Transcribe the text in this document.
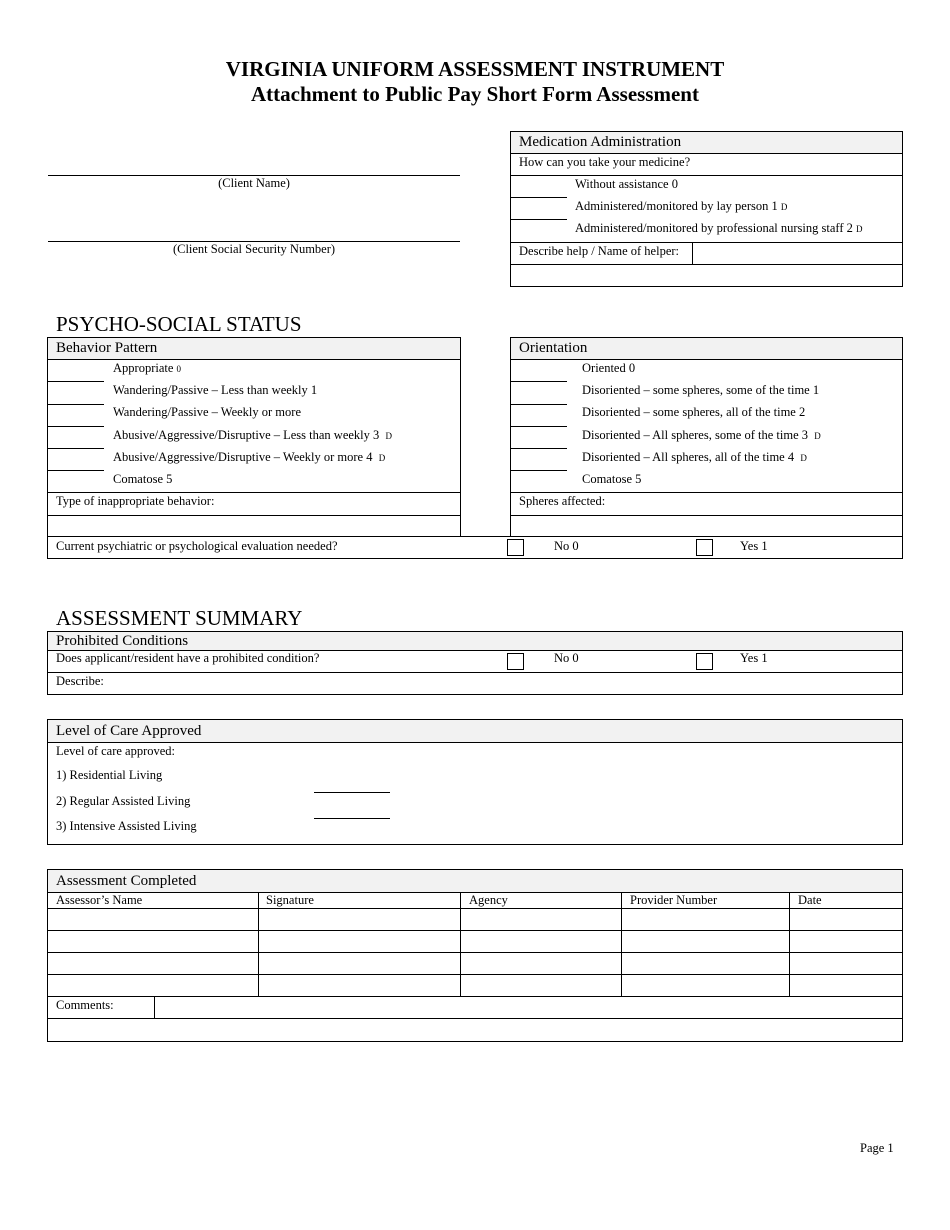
VIRGINIA UNIFORM ASSESSMENT INSTRUMENT
Attachment to Public Pay Short Form Assessment
(Client Name)
(Client Social Security Number)
Medication Administration
How can you take your medicine?
Without assistance 0
Administered/monitored by lay person 1 D
Administered/monitored by professional nursing staff 2 D
Describe help / Name of helper:
PSYCHO-SOCIAL STATUS
Behavior Pattern
Appropriate 0
Wandering/Passive – Less than weekly 1
Wandering/Passive – Weekly or more
Abusive/Aggressive/Disruptive – Less than weekly 3 D
Abusive/Aggressive/Disruptive – Weekly or more 4 D
Comatose 5
Type of inappropriate behavior:
Orientation
Oriented 0
Disoriented – some spheres, some of the time 1
Disoriented – some spheres, all of the time 2
Disoriented – All spheres, some of the time 3 D
Disoriented – All spheres, all of the time 4 D
Comatose 5
Spheres affected:
Current psychiatric or psychological evaluation needed?	No 0	Yes 1
ASSESSMENT SUMMARY
Prohibited Conditions
Does applicant/resident have a prohibited condition?	No 0	Yes 1
Describe:
Level of Care Approved
Level of care approved:
1) Residential Living
2) Regular Assisted Living
3) Intensive Assisted Living
Assessment Completed
Assessor’s Name	Signature	Agency	Provider Number	Date
Comments:
Page 1
